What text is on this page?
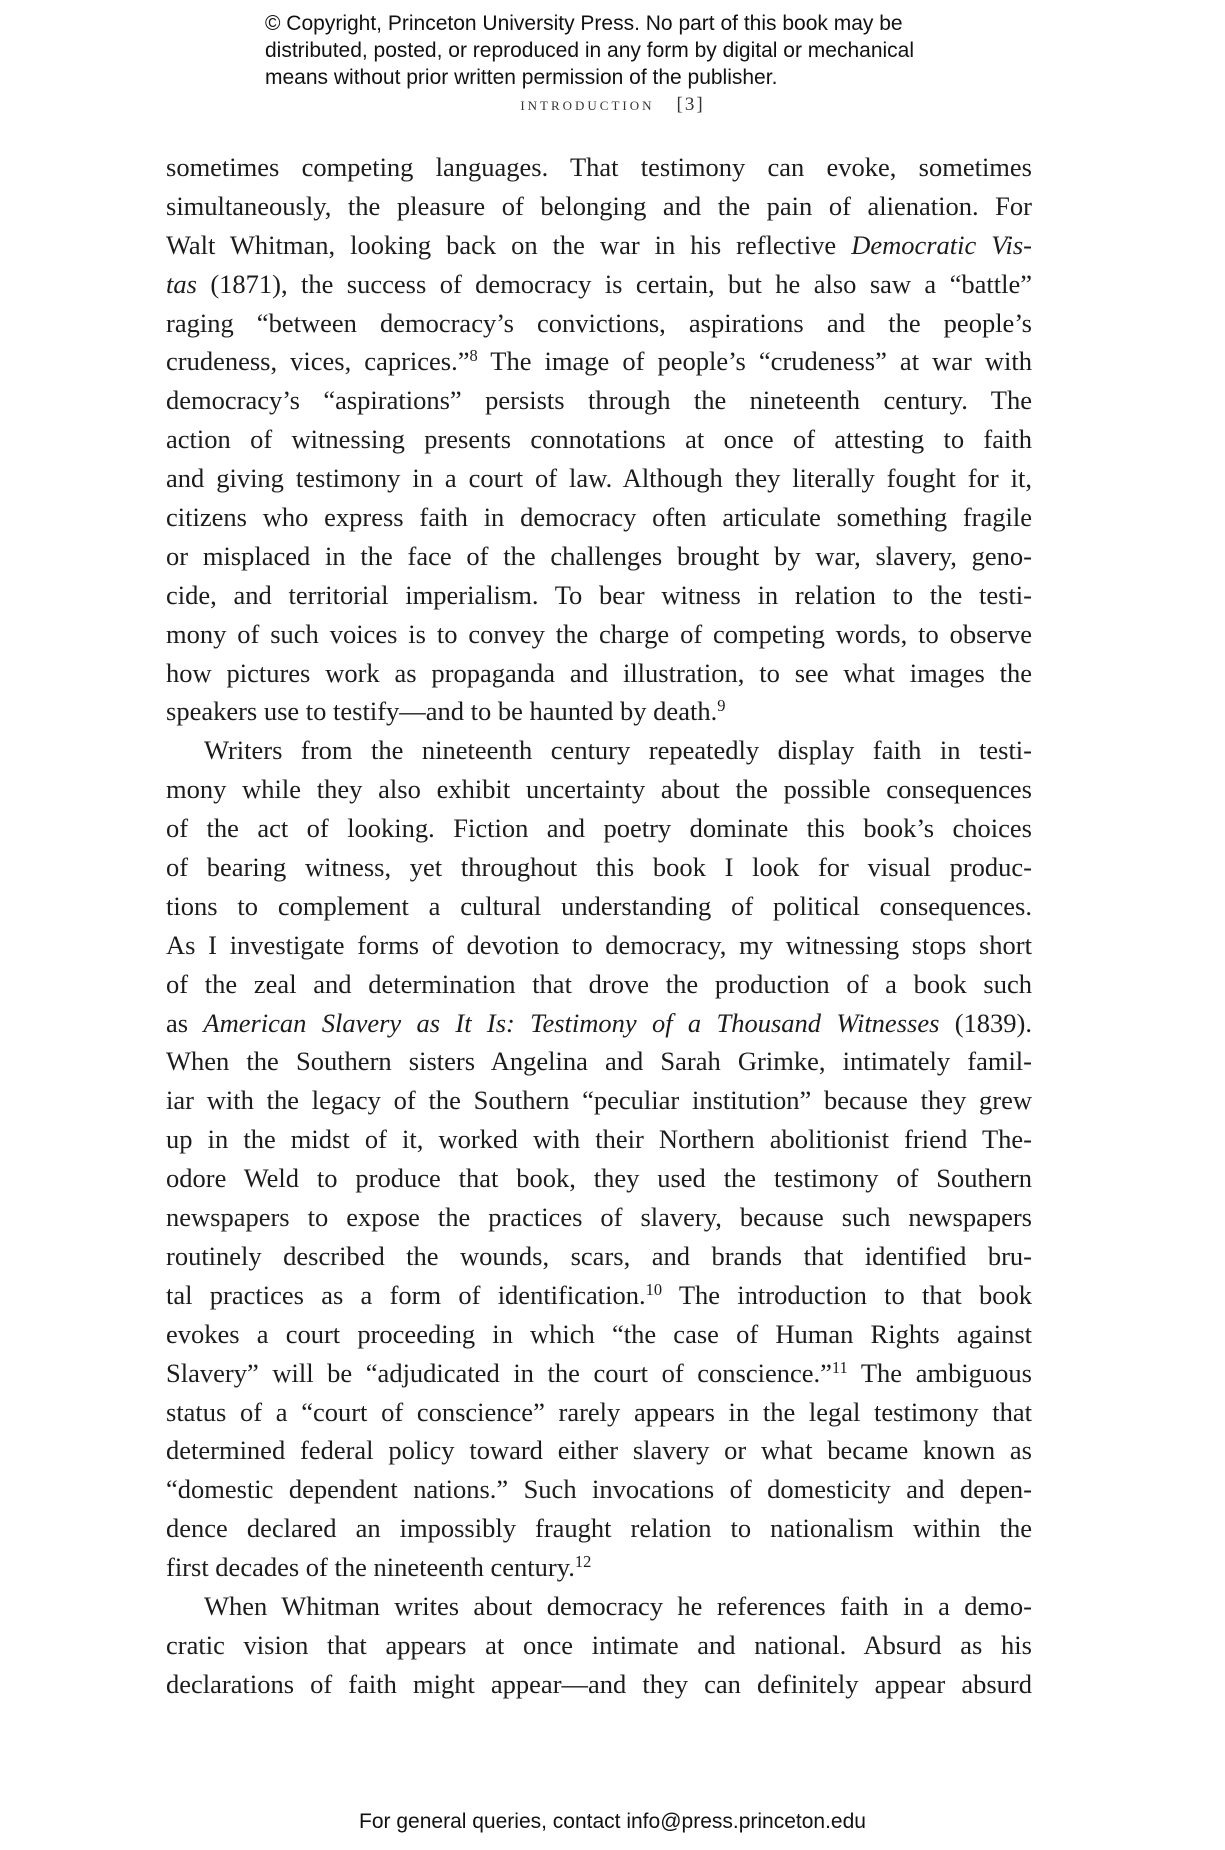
© Copyright, Princeton University Press. No part of this book may be
distributed, posted, or reproduced in any form by digital or mechanical
means without prior written permission of the publisher.
introduction [3]
sometimes competing languages. That testimony can evoke, sometimes
simultaneously, the pleasure of belonging and the pain of alienation. For
Walt Whitman, looking back on the war in his reflective Democratic Vis-
tas (1871), the success of democracy is certain, but he also saw a “battle”
raging “between democracy’s convictions, aspirations and the people’s
crudeness, vices, caprices.”$^8$ The image of people’s “crudeness” at war with
democracy’s “aspirations” persists through the nineteenth century. The
action of witnessing presents connotations at once of attesting to faith
and giving testimony in a court of law. Although they literally fought for it,
citizens who express faith in democracy often articulate something fragile
or misplaced in the face of the challenges brought by war, slavery, geno-
cide, and territorial imperialism. To bear witness in relation to the testi-
mony of such voices is to convey the charge of competing words, to observe
how pictures work as propaganda and illustration, to see what images the
speakers use to testify—and to be haunted by death.$^9$
Writers from the nineteenth century repeatedly display faith in testi-
mony while they also exhibit uncertainty about the possible consequences
of the act of looking. Fiction and poetry dominate this book’s choices
of bearing witness, yet throughout this book I look for visual produc-
tions to complement a cultural understanding of political consequences.
As I investigate forms of devotion to democracy, my witnessing stops short
of the zeal and determination that drove the production of a book such
as American Slavery as It Is: Testimony of a Thousand Witnesses (1839).
When the Southern sisters Angelina and Sarah Grimke, intimately famil-
iar with the legacy of the Southern “peculiar institution” because they grew
up in the midst of it, worked with their Northern abolitionist friend The-
odore Weld to produce that book, they used the testimony of Southern
newspapers to expose the practices of slavery, because such newspapers
routinely described the wounds, scars, and brands that identified bru-
tal practices as a form of identification.$^{10}$ The introduction to that book
evokes a court proceeding in which “the case of Human Rights against
Slavery” will be “adjudicated in the court of conscience.”$^{11}$ The ambiguous
status of a “court of conscience” rarely appears in the legal testimony that
determined federal policy toward either slavery or what became known as
“domestic dependent nations.” Such invocations of domesticity and depen-
dence declared an impossibly fraught relation to nationalism within the
first decades of the nineteenth century.$^{12}$
When Whitman writes about democracy he references faith in a demo-
cratic vision that appears at once intimate and national. Absurd as his
declarations of faith might appear—and they can definitely appear absurd
For general queries, contact info@press.princeton.edu
